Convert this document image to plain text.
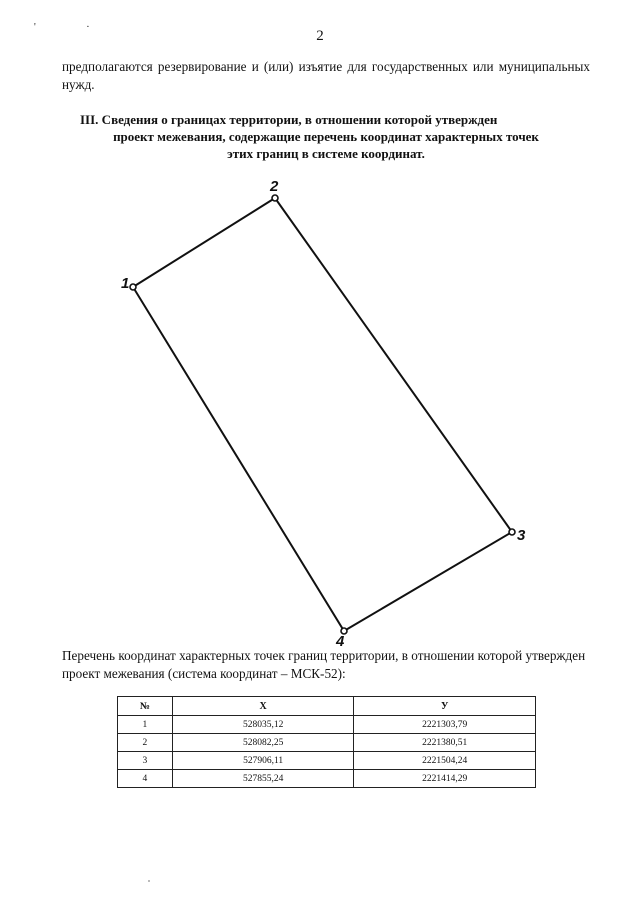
' ·
2
предполагаются резервирование и (или) изъятие для государственных или муниципальных нужд.
III. Сведения о границах территории, в отношении которой утвержден
проект межевания, содержащие перечень координат характерных точек
этих границ в системе координат.
1
2
3
4
Перечень координат характерных точек границ территории, в отношении которой утвержден проект межевания (система координат – МСК-52):
№	X	У
1	528035,12	2221303,79
2	528082,25	2221380,51
3	527906,11	2221504,24
4	527855,24	2221414,29
